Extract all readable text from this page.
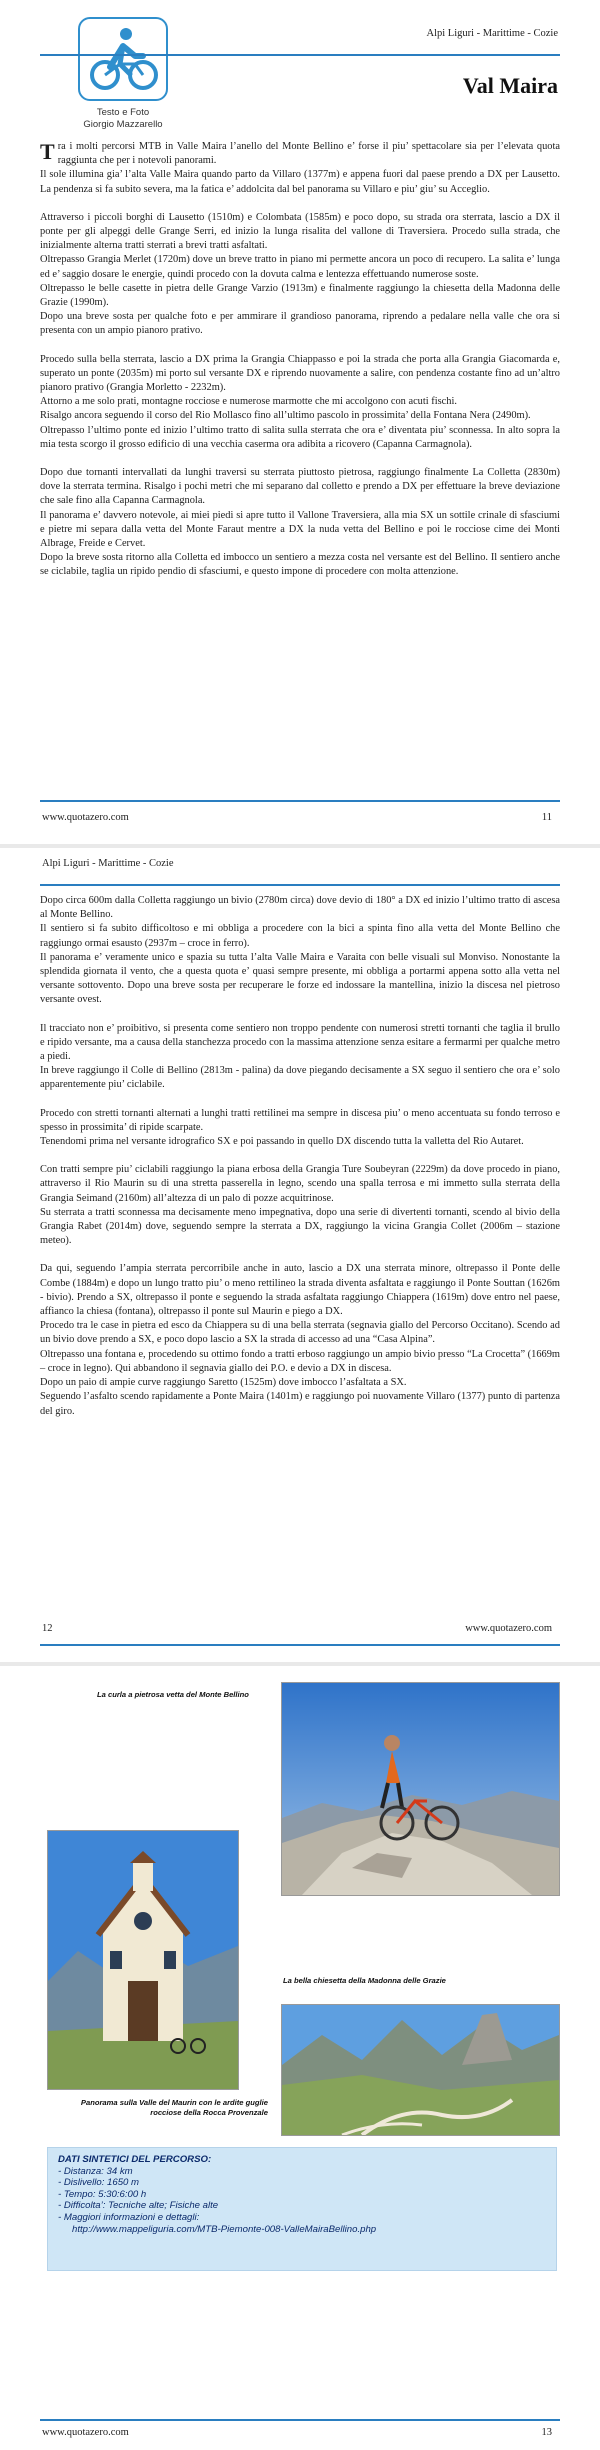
Testo e Foto
Giorgio Mazzarello
Alpi Liguri - Marittime - Cozie
Val Maira

Tra i molti percorsi MTB in Valle Maira l’anello del Monte Bellino e’ forse il piu’ spettacolare sia per l’elevata quota raggiunta che per i notevoli panorami.

Il sole illumina gia’ l’alta Valle Maira quando parto da Villaro (1377m) e appena fuori dal paese prendo a DX per Lausetto. La pendenza si fa subito severa, ma la fatica e’ addolcita dal bel panorama su Villaro e piu’ giu’ su Acceglio.

Attraverso i piccoli borghi di Lausetto (1510m) e Colombata (1585m) e poco dopo, su strada ora sterrata, lascio a DX il ponte per gli alpeggi delle Grange Serri, ed inizio la lunga risalita del vallone di Traversiera. Procedo sulla strada, che inizialmente alterna tratti sterrati a brevi tratti asfaltati.

Oltrepasso Grangia Merlet (1720m) dove un breve tratto in piano mi permette ancora un poco di recupero. La salita e’ lunga ed e’ saggio dosare le energie, quindi procedo con la dovuta calma e lentezza effettuando numerose soste.

Oltrepasso le belle casette in pietra delle Grange Varzio (1913m) e finalmente raggiungo la chiesetta della Madonna delle Grazie (1990m).

Dopo una breve sosta per qualche foto e per ammirare il grandioso panorama, riprendo a pedalare nella valle che ora si presenta con un ampio pianoro prativo.

Procedo sulla bella sterrata, lascio a DX prima la Grangia Chiappasso e poi la strada che porta alla Grangia Giacomarda e, superato un ponte (2035m) mi porto sul versante DX e riprendo nuovamente a salire, con pendenza costante fino ad un’altro pianoro prativo (Grangia Morletto - 2232m).

Attorno a me solo prati, montagne rocciose e numerose marmotte che mi accolgono con acuti fischi.

Risalgo ancora seguendo il corso del Rio Mollasco fino all’ultimo pascolo in prossimita’ della Fontana Nera (2490m).

Oltrepasso l’ultimo ponte ed inizio l’ultimo tratto di salita sulla sterrata che ora e’ diventata piu’ sconnessa. In alto sopra la mia testa scorgo il grosso edificio di una vecchia caserma ora adibita a ricovero (Capanna Carmagnola).

Dopo due tornanti intervallati da lunghi traversi su sterrata piuttosto pietrosa, raggiungo finalmente La Colletta (2830m) dove la sterrata termina. Risalgo i pochi metri che mi separano dal colletto e prendo a DX per effettuare la breve deviazione che sale fino alla Capanna Carmagnola.

Il panorama e’ davvero notevole, ai miei piedi si apre tutto il Vallone Traversiera, alla mia SX un sottile crinale di sfasciumi e pietre mi separa dalla vetta del Monte Faraut mentre a DX la nuda vetta del Bellino e poi le rocciose cime dei Monti Albrage, Freide e Cervet.

Dopo la breve sosta ritorno alla Colletta ed imbocco un sentiero a mezza costa nel versante est del Bellino. Il sentiero anche se ciclabile, taglia un ripido pendio di sfasciumi, e questo impone di procedere con molta attenzione.

www.quotazero.com	11
Alpi Liguri - Marittime - Cozie

Dopo circa 600m dalla Colletta raggiungo un bivio (2780m circa) dove devio di 180° a DX ed inizio l’ultimo tratto di ascesa al Monte Bellino.

Il sentiero si fa subito difficoltoso e mi obbliga a procedere con la bici a spinta fino alla vetta del Monte Bellino che raggiungo ormai esausto (2937m – croce in ferro).

Il panorama e’ veramente unico e spazia su tutta l’alta Valle Maira e Varaita con belle visuali sul Monviso. Nonostante la splendida giornata il vento, che a questa quota e’ quasi sempre presente, mi obbliga a portarmi appena sotto alla vetta nel versante sottovento. Dopo una breve sosta per recuperare le forze ed indossare la mantellina, inizio la discesa nel pietroso versante ovest.

Il tracciato non e’ proibitivo, si presenta come sentiero non troppo pendente con numerosi stretti tornanti che taglia il brullo e ripido versante, ma a causa della stanchezza procedo con la massima attenzione senza esitare a fermarmi per qualche metro a piedi.

In breve raggiungo il Colle di Bellino (2813m - palina) da dove piegando decisamente a SX seguo il sentiero che ora e’ solo apparentemente piu’ ciclabile.

Procedo con stretti tornanti alternati a lunghi tratti rettilinei ma sempre in discesa piu’ o meno accentuata su fondo terroso e spesso in prossimita’ di ripide scarpate.

Tenendomi prima nel versante idrografico SX e poi passando in quello DX discendo tutta la valletta del Rio Autaret.

Con tratti sempre piu’ ciclabili raggiungo la piana erbosa della Grangia Ture Soubeyran (2229m) da dove procedo in piano, attraverso il Rio Maurin su di una stretta passerella in legno, scendo una spalla terrosa e mi immetto sulla sterrata della Grangia Seimand (2160m) all’altezza di un palo di pozze acquitrinose.

Su sterrata a tratti sconnessa ma decisamente meno impegnativa, dopo una serie di divertenti tornanti, scendo al bivio della Grangia Rabet (2014m) dove, seguendo sempre la sterrata a DX, raggiungo la vicina Grangia Collet (2006m – stazione meteo).

Da qui, seguendo l’ampia sterrata percorribile anche in auto, lascio a DX una sterrata minore, oltrepasso il Ponte delle Combe (1884m) e dopo un lungo tratto piu’ o meno rettilineo la strada diventa asfaltata e raggiungo il Ponte Souttan (1626m - bivio). Prendo a SX, oltrepasso il ponte e seguendo la strada asfaltata raggiungo Chiappera (1619m) dove entro nel paese, affianco la chiesa (fontana), oltrepasso il ponte sul Maurin e piego a DX.

Procedo tra le case in pietra ed esco da Chiappera su di una bella sterrata (segnavia giallo del Percorso Occitano). Scendo ad un bivio dove prendo a SX, e poco dopo lascio a SX la strada di accesso ad una “Casa Alpina”.

Oltrepasso una fontana e, procedendo su ottimo fondo a tratti erboso raggiungo un ampio bivio presso “La Crocetta” (1669m – croce in legno). Qui abbandono il segnavia giallo dei P.O. e devio a DX in discesa.

Dopo un paio di ampie curve raggiungo Saretto (1525m) dove imbocco l’asfaltata a SX.

Seguendo l’asfalto scendo rapidamente a Ponte Maira (1401m) e raggiungo poi nuovamente Villaro (1377) punto di partenza del giro.

12	www.quotazero.com
La curla a pietrosa vetta del Monte Bellino
La bella chiesetta della Madonna delle Grazie
Panorama sulla Valle del Maurin con le ardite guglie rocciose della Rocca Provenzale
DATI SINTETICI DEL PERCORSO:
- Distanza: 34 km
- Dislivello: 1650 m
- Tempo: 5:30:6:00 h
- Difficolta’: Tecniche alte; Fisiche alte
- Maggiori informazioni e dettagli:
http://www.mappeliguria.com/MTB-Piemonte-008-ValleMairaBellino.php
www.quotazero.com	13
